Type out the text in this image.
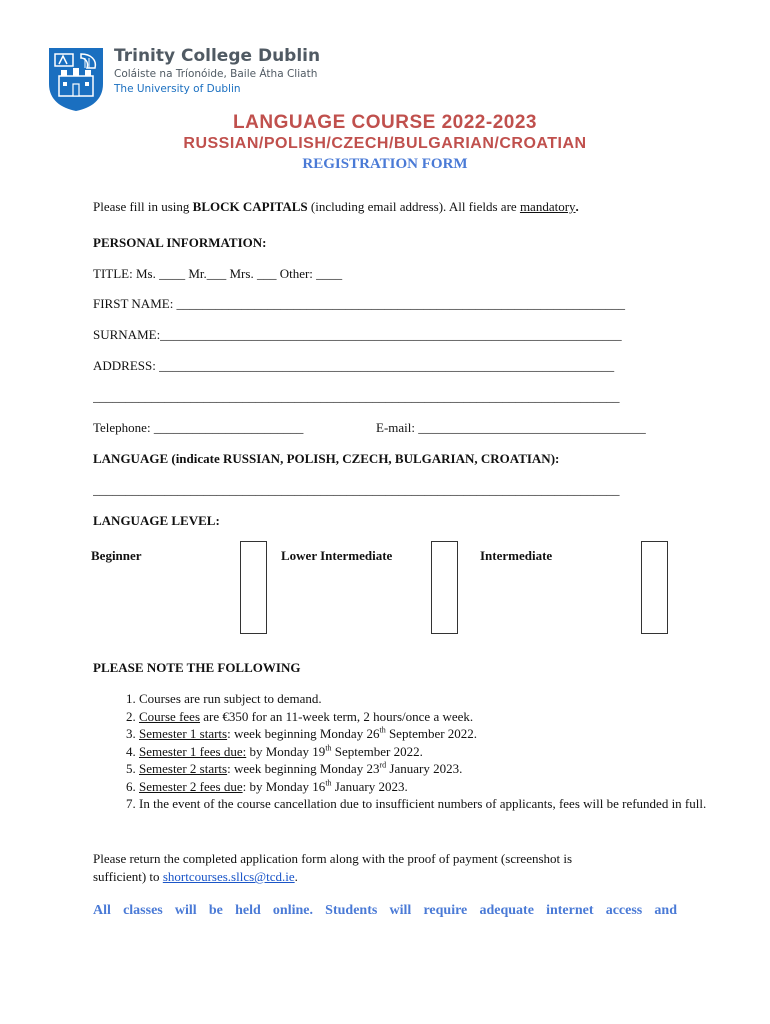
Trinity College Dublin
Coláiste na Tríonóide, Baile Átha Cliath
The University of Dublin
LANGUAGE COURSE 2022-2023
RUSSIAN/POLISH/CZECH/BULGARIAN/CROATIAN
REGISTRATION FORM
Please fill in using BLOCK CAPITALS (including email address). All fields are mandatory.
PERSONAL INFORMATION:
TITLE: Ms. ____ Mr.___ Mrs. ___ Other: ____
FIRST NAME: _____________________________________________________________________
SURNAME:_______________________________________________________________________
ADDRESS: ______________________________________________________________________
_________________________________________________________________________________
Telephone: _______________________	E-mail: ___________________________________
LANGUAGE (indicate RUSSIAN, POLISH, CZECH, BULGARIAN, CROATIAN):
_________________________________________________________________________________
LANGUAGE LEVEL:
Beginner	Lower Intermediate	Intermediate
PLEASE NOTE THE FOLLOWING
1. Courses are run subject to demand.
2. Course fees are €350 for an 11-week term, 2 hours/once a week.
3. Semester 1 starts: week beginning Monday 26th September 2022.
4. Semester 1 fees due: by Monday 19th September 2022.
5. Semester 2 starts: week beginning Monday 23rd January 2023.
6. Semester 2 fees due: by Monday 16th January 2023.
7. In the event of the course cancellation due to insufficient numbers of applicants, fees will be refunded in full.
Please return the completed application form along with the proof of payment (screenshot is
sufficient) to shortcourses.sllcs@tcd.ie.
All classes will be held online. Students will require adequate internet access and
